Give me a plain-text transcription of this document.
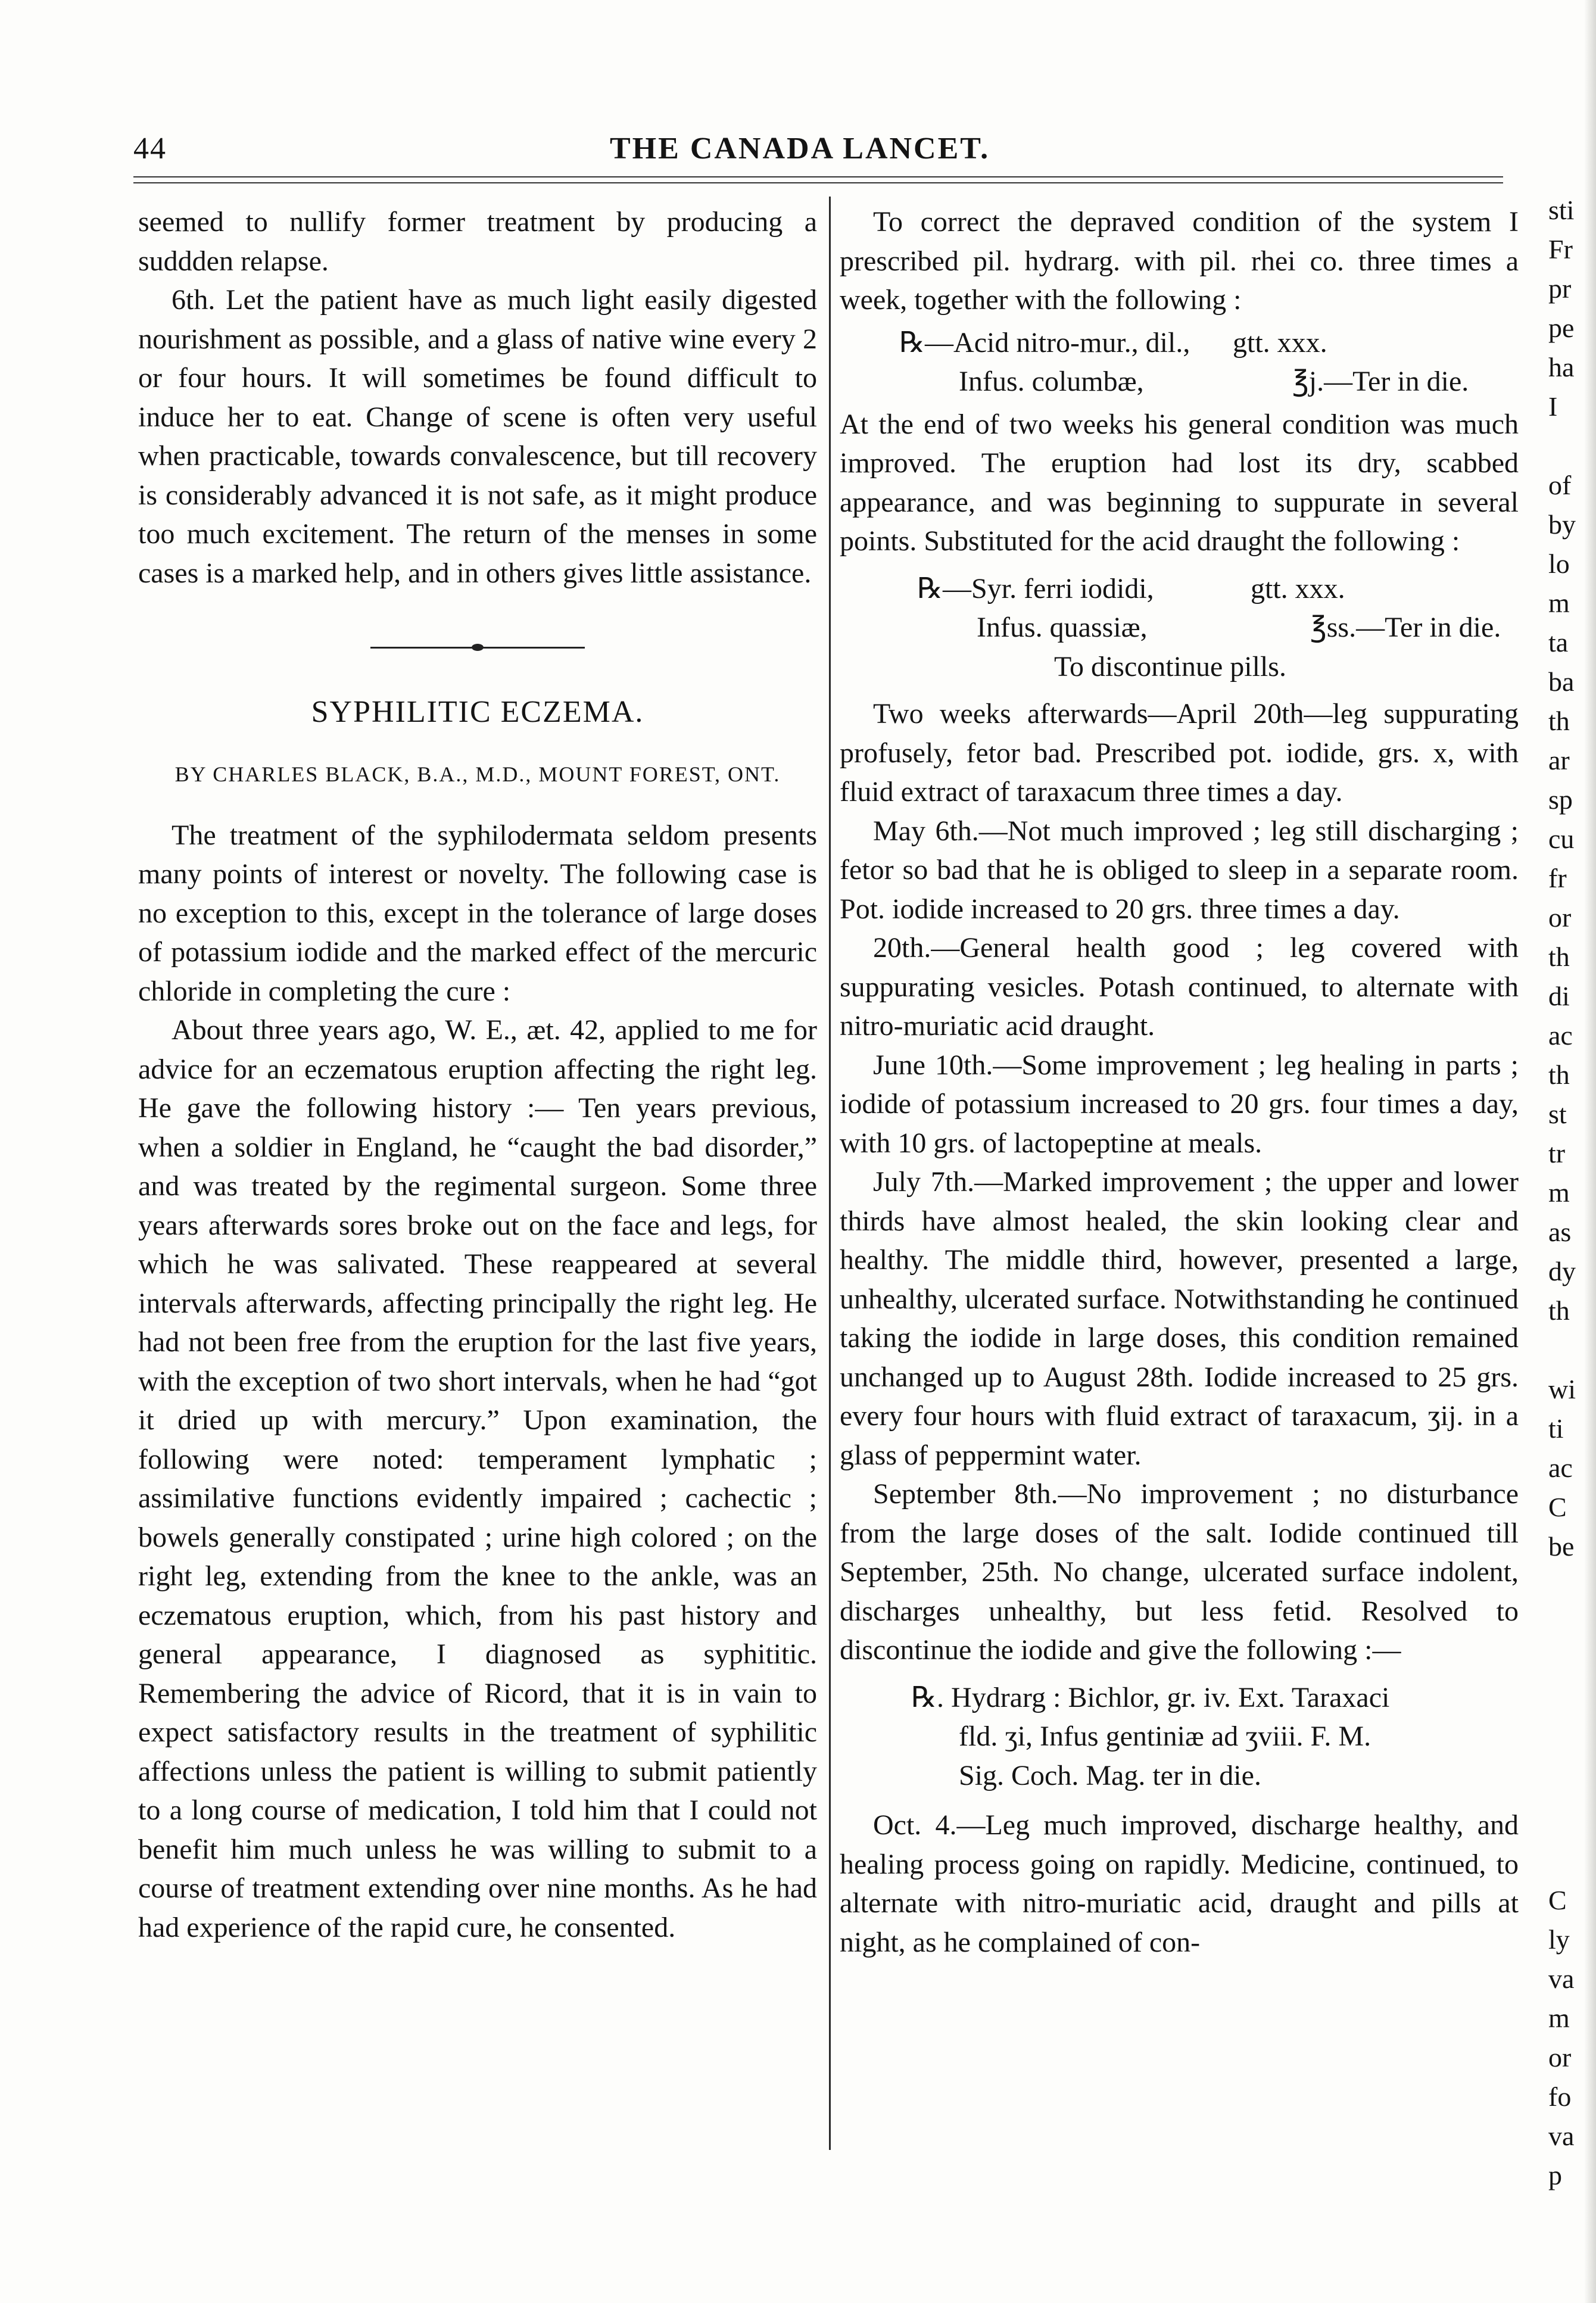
44	THE CANADA LANCET.

seemed to nullify former treatment by producing a suddden relapse.

6th. Let the patient have as much light easily digested nourishment as possible, and a glass of native wine every 2 or four hours. It will sometimes be found difficult to induce her to eat. Change of scene is often very useful when practicable, towards convalescence, but till recovery is considerably advanced it is not safe, as it might produce too much excitement. The return of the menses in some cases is a marked help, and in others gives little assistance.

SYPHILITIC ECZEMA.
BY CHARLES BLACK, B.A., M.D., MOUNT FOREST, ONT.

The treatment of the syphilodermata seldom presents many points of interest or novelty. The following case is no exception to this, except in the tolerance of large doses of potassium iodide and the marked effect of the mercuric chloride in completing the cure :

About three years ago, W. E., æt. 42, applied to me for advice for an eczematous eruption affecting the right leg. He gave the following history :— Ten years previous, when a soldier in England, he “caught the bad disorder,” and was treated by the regimental surgeon. Some three years afterwards sores broke out on the face and legs, for which he was salivated. These reappeared at several intervals afterwards, affecting principally the right leg. He had not been free from the eruption for the last five years, with the exception of two short intervals, when he had “got it dried up with mercury.” Upon examination, the following were noted: temperament lymphatic ; assimilative functions evidently impaired ; cachectic ; bowels generally constipated ; urine high colored ; on the right leg, extending from the knee to the ankle, was an eczematous eruption, which, from his past history and general appearance, I diagnosed as syphititic. Remembering the advice of Ricord, that it is in vain to expect satisfactory results in the treatment of syphilitic affections unless the patient is willing to submit patiently to a long course of medication, I told him that I could not benefit him much unless he was willing to submit to a course of treatment extending over nine months. As he had had experience of the rapid cure, he consented.

To correct the depraved condition of the system I prescribed pil. hydrarg. with pil. rhei co. three times a week, together with the following :

℞—Acid nitro-mur., dil.,	gtt. xxx.
Infus. columbæ,	℥j.—Ter in die.

At the end of two weeks his general condition was much improved. The eruption had lost its dry, scabbed appearance, and was beginning to suppurate in several points. Substituted for the acid draught the following :

℞—Syr. ferri iodidi,	gtt. xxx.
Infus. quassiæ,	℥ss.—Ter in die.
To discontinue pills.

Two weeks afterwards—April 20th—leg suppurating profusely, fetor bad. Prescribed pot. iodide, grs. x, with fluid extract of taraxacum three times a day.

May 6th.—Not much improved ; leg still discharging ; fetor so bad that he is obliged to sleep in a separate room. Pot. iodide increased to 20 grs. three times a day.

20th.—General health good ; leg covered with suppurating vesicles. Potash continued, to alternate with nitro-muriatic acid draught.

June 10th.—Some improvement ; leg healing in parts ; iodide of potassium increased to 20 grs. four times a day, with 10 grs. of lactopeptine at meals.

July 7th.—Marked improvement ; the upper and lower thirds have almost healed, the skin looking clear and healthy. The middle third, however, presented a large, unhealthy, ulcerated surface. Notwithstanding he continued taking the iodide in large doses, this condition remained unchanged up to August 28th. Iodide increased to 25 grs. every four hours with fluid extract of taraxacum, ʒij. in a glass of peppermint water.

September 8th.—No improvement ; no disturbance from the large doses of the salt. Iodide continued till September, 25th. No change, ulcerated surface indolent, discharges unhealthy, but less fetid. Resolved to discontinue the iodide and give the following :—

℞. Hydrarg : Bichlor, gr. iv. Ext. Taraxaci
fld. ʒi, Infus gentiniæ ad ʒviii. F. M.
Sig. Coch. Mag. ter in die.

Oct. 4.—Leg much improved, discharge healthy, and healing process going on rapidly. Medicine, continued, to alternate with nitro-muriatic acid, draught and pills at night, as he complained of con-

sti
Fr
pr
pe
ha
I

of
by
lo
m
ta
ba
th
ar
sp
cu
fr
or
th
di
ac
th
st
tr
m
as
dy
th

wi
ti
ac
C
be

C
ly
va
m
or
fo
va
p
